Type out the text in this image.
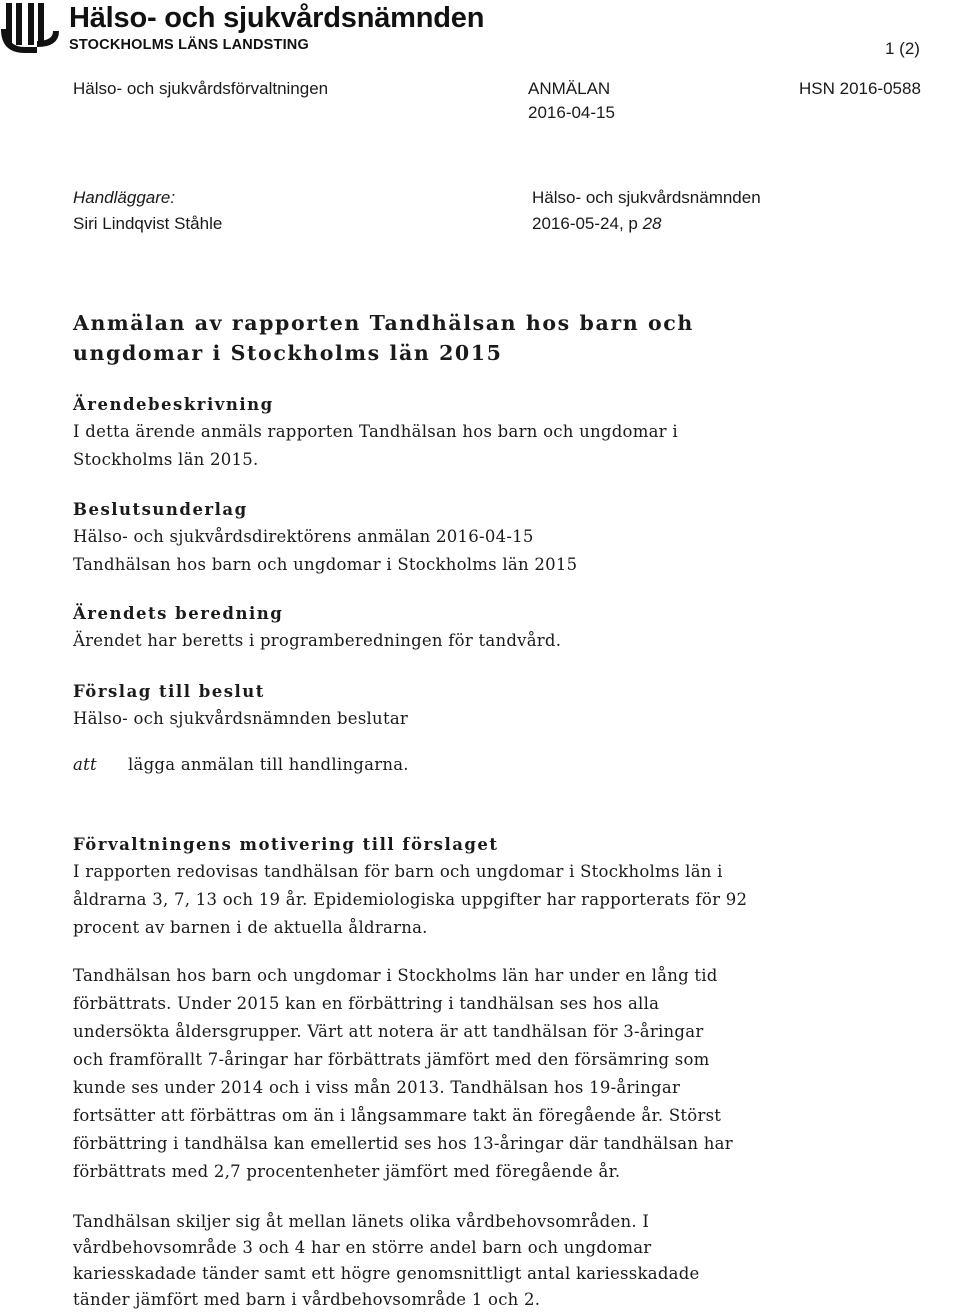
Hälso- och sjukvårdsnämnden
STOCKHOLMS LÄNS LANDSTING	1 (2)
Hälso- och sjukvårdsförvaltningen	ANMÄLAN
2016-04-15
HSN 2016-0588
Handläggare:
Siri Lindqvist Ståhle
Hälso- och sjukvårdsnämnden
2016-05-24, p 28
Anmälan av rapporten Tandhälsan hos barn och
ungdomar i Stockholms län 2015
Ärendebeskrivning

I detta ärende anmäls rapporten Tandhälsan hos barn och ungdomar i

Stockholms län 2015.

Beslutsunderlag

Hälso- och sjukvårdsdirektörens anmälan 2016-04-15

Tandhälsan hos barn och ungdomar i Stockholms län 2015

Ärendets beredning

Ärendet har beretts i programberedningen för tandvård.

Förslag till beslut

Hälso- och sjukvårdsnämnden beslutar

att lägga anmälan till handlingarna.
Förvaltningens motivering till förslaget

I rapporten redovisas tandhälsan för barn och ungdomar i Stockholms län i

åldrarna 3, 7, 13 och 19 år. Epidemiologiska uppgifter har rapporterats för 92

procent av barnen i de aktuella åldrarna.

Tandhälsan hos barn och ungdomar i Stockholms län har under en lång tid

förbättrats. Under 2015 kan en förbättring i tandhälsan ses hos alla

undersökta åldersgrupper. Värt att notera är att tandhälsan för 3-åringar

och framförallt 7-åringar har förbättrats jämfört med den försämring som

kunde ses under 2014 och i viss mån 2013. Tandhälsan hos 19-åringar

fortsätter att förbättras om än i långsammare takt än föregående år. Störst

förbättring i tandhälsa kan emellertid ses hos 13-åringar där tandhälsan har

förbättrats med 2,7 procentenheter jämfört med föregående år.

Tandhälsan skiljer sig åt mellan länets olika vårdbehovsområden. I

vårdbehovsområde 3 och 4 har en större andel barn och ungdomar

kariesskadade tänder samt ett högre genomsnittligt antal kariesskadade

tänder jämfört med barn i vårdbehovsområde 1 och 2.
